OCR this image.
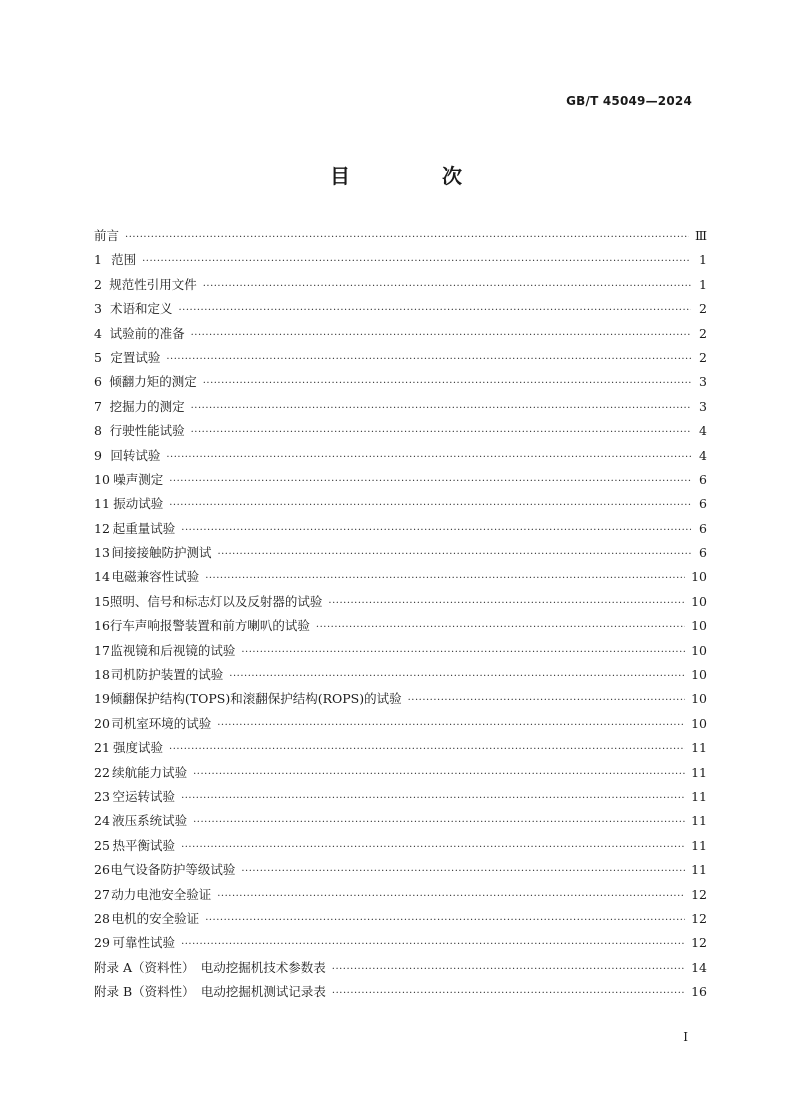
GB/T 45049—2024
目　次
前言 ·····	Ⅲ
1 范围 ·····	1
2 规范性引用文件 ·····	1
3 术语和定义 ·····	2
4 试验前的准备 ·····	2
5 定置试验 ·····	2
6 倾翻力矩的测定 ·····	3
7 挖掘力的测定 ·····	3
8 行驶性能试验 ·····	4
9 回转试验 ·····	4
10 噪声测定 ·····	6
11 振动试验 ·····	6
12 起重量试验 ·····	6
13 间接接触防护测试 ·····	6
14 电磁兼容性试验 ·····	10
15 照明、信号和标志灯以及反射器的试验 ·····	10
16 行车声响报警装置和前方喇叭的试验 ·····	10
17 监视镜和后视镜的试验 ·····	10
18 司机防护装置的试验 ·····	10
19 倾翻保护结构(TOPS)和滚翻保护结构(ROPS)的试验 ·····	10
20 司机室环境的试验 ·····	10
21 强度试验 ·····	11
22 续航能力试验 ·····	11
23 空运转试验 ·····	11
24 液压系统试验 ·····	11
25 热平衡试验 ·····	11
26 电气设备防护等级试验 ·····	11
27 动力电池安全验证 ·····	12
28 电机的安全验证 ·····	12
29 可靠性试验 ·····	12
附录 A（资料性）　电动挖掘机技术参数表 ·····	14
附录 B（资料性）　电动挖掘机测试记录表 ·····	16
I
